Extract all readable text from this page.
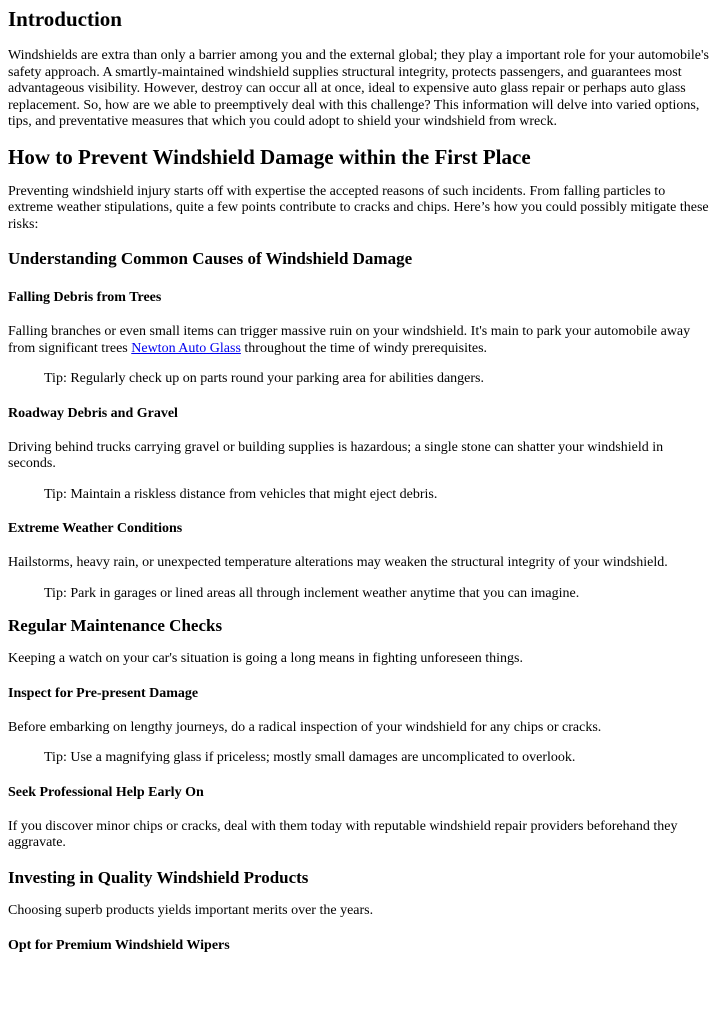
Introduction

Windshields are extra than only a barrier among you and the external global; they play a important role for your automobile's safety approach. A smartly-maintained windshield supplies structural integrity, protects passengers, and guarantees most advantageous visibility. However, destroy can occur all at once, ideal to expensive auto glass repair or perhaps auto glass replacement. So, how are we able to preemptively deal with this challenge? This information will delve into varied options, tips, and preventative measures that which you could adopt to shield your windshield from wreck.

How to Prevent Windshield Damage within the First Place

Preventing windshield injury starts off with expertise the accepted reasons of such incidents. From falling particles to extreme weather stipulations, quite a few points contribute to cracks and chips. Here’s how you could possibly mitigate these risks:

Understanding Common Causes of Windshield Damage
Falling Debris from Trees

Falling branches or even small items can trigger massive ruin on your windshield. It's main to park your automobile away from significant trees Newton Auto Glass throughout the time of windy prerequisites.

Tip: Regularly check up on parts round your parking area for abilities dangers.

Roadway Debris and Gravel

Driving behind trucks carrying gravel or building supplies is hazardous; a single stone can shatter your windshield in seconds.

Tip: Maintain a riskless distance from vehicles that might eject debris.

Extreme Weather Conditions

Hailstorms, heavy rain, or unexpected temperature alterations may weaken the structural integrity of your windshield.

Tip: Park in garages or lined areas all through inclement weather anytime that you can imagine.

Regular Maintenance Checks

Keeping a watch on your car's situation is going a long means in fighting unforeseen things.

Inspect for Pre-present Damage

Before embarking on lengthy journeys, do a radical inspection of your windshield for any chips or cracks.

Tip: Use a magnifying glass if priceless; mostly small damages are uncomplicated to overlook.

Seek Professional Help Early On

If you discover minor chips or cracks, deal with them today with reputable windshield repair providers beforehand they aggravate.

Investing in Quality Windshield Products

Choosing superb products yields important merits over the years.

Opt for Premium Windshield Wipers
